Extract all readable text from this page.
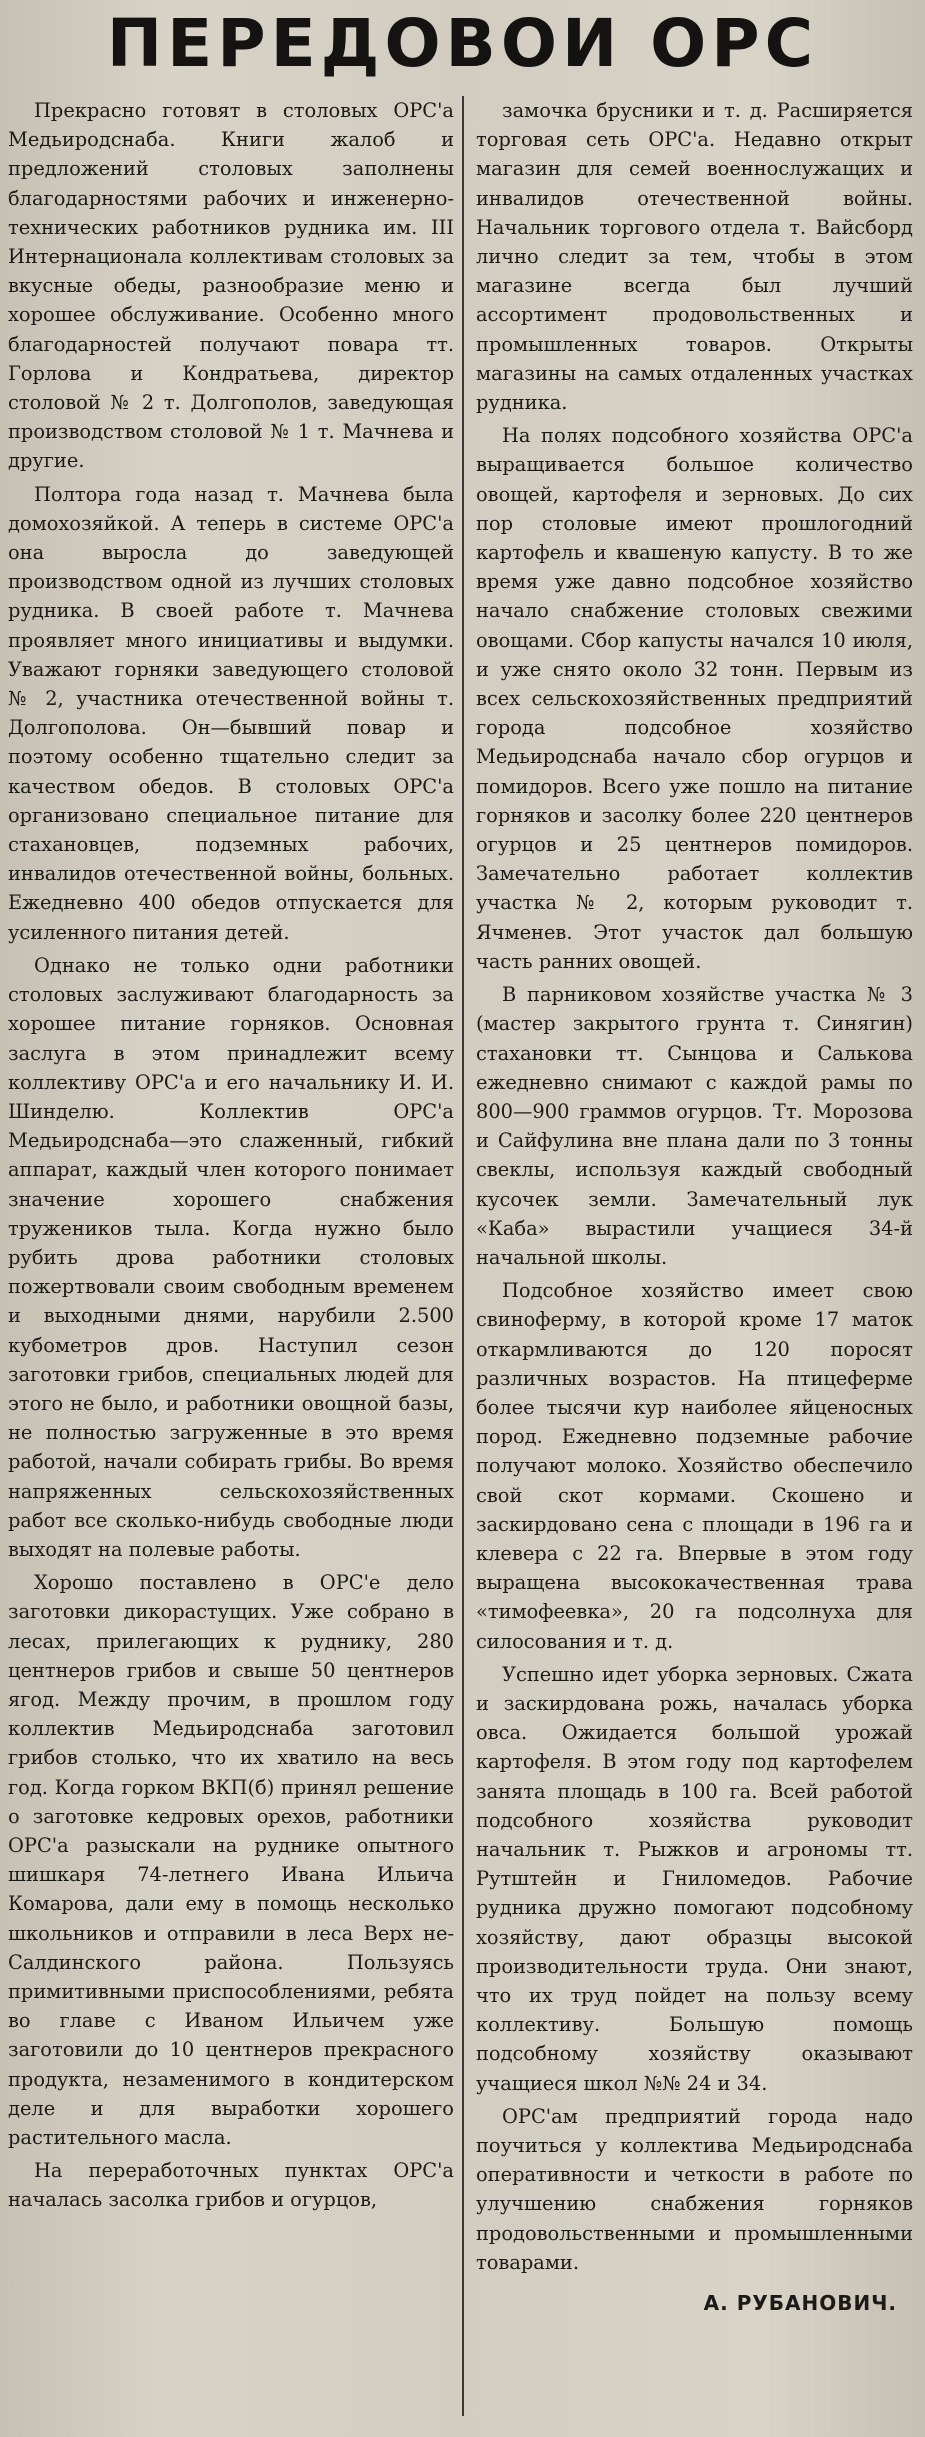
ПЕРЕДОВОИ ОРС

Прекрасно готовят в столовых ОРС'а Медьиродснаба. Книги жалоб и предложений столовых заполнены благодарностями рабочих и инженерно-технических работников рудника им. III Интернационала коллективам столовых за вкусные обеды, разнообразие меню и хорошее обслуживание. Особенно много благодарностей получают повара тт. Горлова и Кондратьева, директор столовой № 2 т. Долгополов, заведующая производством столовой № 1 т. Мачнева и другие.

Полтора года назад т. Мачнева была домохозяйкой. А теперь в системе ОРС'а она выросла до заведующей производством одной из лучших столовых рудника. В своей работе т. Мачнева проявляет много инициативы и выдумки. Уважают горняки заведующего столовой № 2, участника отечественной войны т. Долгополова. Он—бывший повар и поэтому особенно тщательно следит за качеством обедов. В столовых ОРС'а организовано специальное питание для стахановцев, подземных рабочих, инвалидов отечественной войны, больных. Ежедневно 400 обедов отпускается для усиленного питания детей.

Однако не только одни работники столовых заслуживают благодарность за хорошее питание горняков. Основная заслуга в этом принадлежит всему коллективу ОРС'а и его начальнику И. И. Шинделю. Коллектив ОРС'а Медьиродснаба—это слаженный, гибкий аппарат, каждый член которого понимает значение хорошего снабжения тружеников тыла. Когда нужно было рубить дрова работники столовых пожертвовали своим свободным временем и выходными днями, нарубили 2.500 кубометров дров. Наступил сезон заготовки грибов, специальных людей для этого не было, и работники овощной базы, не полностью загруженные в это время работой, начали собирать грибы. Во время напряженных сельскохозяйственных работ все сколько-нибудь свободные люди выходят на полевые работы.

Хорошо поставлено в ОРС'е дело заготовки дикорастущих. Уже собрано в лесах, прилегающих к руднику, 280 центнеров грибов и свыше 50 центнеров ягод. Между прочим, в прошлом году коллектив Медьиродснаба заготовил грибов столько, что их хватило на весь год. Когда горком ВКП(б) принял решение о заготовке кедровых орехов, работники ОРС'а разыскали на руднике опытного шишкаря 74-летнего Ивана Ильича Комарова, дали ему в помощь несколько школьников и отправили в леса Верх не-Салдинского района. Пользуясь примитивными приспособлениями, ребята во главе с Иваном Ильичем уже заготовили до 10 центнеров прекрасного продукта, незаменимого в кондитерском деле и для выработки хорошего растительного масла.

На переработочных пунктах ОРС'а началась засолка грибов и огурцов,

замочка брусники и т. д. Расширяется торговая сеть ОРС'а. Недавно открыт магазин для семей военнослужащих и инвалидов отечественной войны. Начальник торгового отдела т. Вайсборд лично следит за тем, чтобы в этом магазине всегда был лучший ассортимент продовольственных и промышленных товаров. Открыты магазины на самых отдаленных участках рудника.

На полях подсобного хозяйства ОРС'а выращивается большое количество овощей, картофеля и зерновых. До сих пор столовые имеют прошлогодний картофель и квашеную капусту. В то же время уже давно подсобное хозяйство начало снабжение столовых свежими овощами. Сбор капусты начался 10 июля, и уже снято около 32 тонн. Первым из всех сельскохозяйственных предприятий города подсобное хозяйство Медьиродснаба начало сбор огурцов и помидоров. Всего уже пошло на питание горняков и засолку более 220 центнеров огурцов и 25 центнеров помидоров. Замечательно работает коллектив участка № 2, которым руководит т. Ячменев. Этот участок дал большую часть ранних овощей.

В парниковом хозяйстве участка № 3 (мастер закрытого грунта т. Синягин) стахановки тт. Сынцова и Салькова ежедневно снимают с каждой рамы по 800—900 граммов огурцов. Тт. Морозова и Сайфулина вне плана дали по 3 тонны свеклы, используя каждый свободный кусочек земли. Замечательный лук «Каба» вырастили учащиеся 34-й начальной школы.

Подсобное хозяйство имеет свою свиноферму, в которой кроме 17 маток откармливаются до 120 поросят различных возрастов. На птицеферме более тысячи кур наиболее яйценосных пород. Ежедневно подземные рабочие получают молоко. Хозяйство обеспечило свой скот кормами. Скошено и заскирдовано сена с площади в 196 га и клевера с 22 га. Впервые в этом году выращена высококачественная трава «тимофеевка», 20 га подсолнуха для силосования и т. д.

Успешно идет уборка зерновых. Сжата и заскирдована рожь, началась уборка овса. Ожидается большой урожай картофеля. В этом году под картофелем занята площадь в 100 га. Всей работой подсобного хозяйства руководит начальник т. Рыжков и агрономы тт. Рутштейн и Гниломедов. Рабочие рудника дружно помогают подсобному хозяйству, дают образцы высокой производительности труда. Они знают, что их труд пойдет на пользу всему коллективу. Большую помощь подсобному хозяйству оказывают учащиеся школ №№ 24 и 34.

ОРС'ам предприятий города надо поучиться у коллектива Медьиродснаба оперативности и четкости в работе по улучшению снабжения горняков продовольственными и промышленными товарами.

А. РУБАНОВИЧ.
